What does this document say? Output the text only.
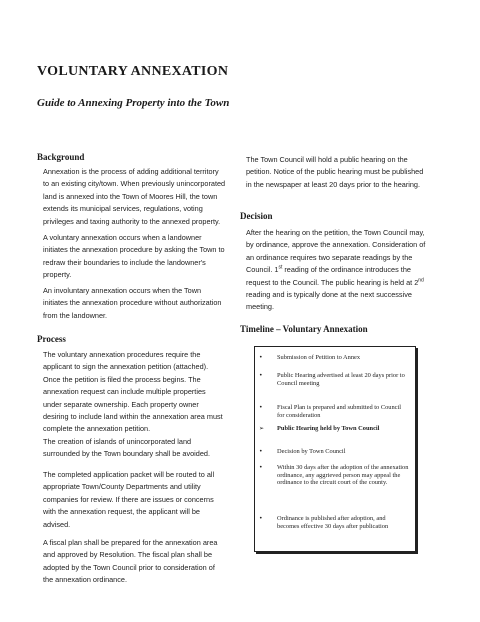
VOLUNTARY ANNEXATION
Guide to Annexing Property into the Town
Background

Annexation is the process of adding additional territory to an existing city/town. When previously unincorporated land is annexed into the Town of Moores Hill, the town extends its municipal services, regulations, voting privileges and taxing authority to the annexed property.

A voluntary annexation occurs when a landowner initiates the annexation procedure by asking the Town to redraw their boundaries to include the landowner's property.

An involuntary annexation occurs when the Town initiates the annexation procedure without authorization from the landowner.

Process

The voluntary annexation procedures require the applicant to sign the annexation petition (attached). Once the petition is filed the process begins. The annexation request can include multiple properties under separate ownership. Each property owner desiring to include land within the annexation area must complete the annexation petition.

The creation of islands of unincorporated land surrounded by the Town boundary shall be avoided.

The completed application packet will be routed to all appropriate Town/County Departments and utility companies for review. If there are issues or concerns with the annexation request, the applicant will be advised.

A fiscal plan shall be prepared for the annexation area and approved by Resolution. The fiscal plan shall be adopted by the Town Council prior to consideration of the annexation ordinance.

The Town Council will hold a public hearing on the petition. Notice of the public hearing must be published in the newspaper at least 20 days prior to the hearing.

Decision

After the hearing on the petition, the Town Council may, by ordinance, approve the annexation. Consideration of an ordinance requires two separate readings by the Council. 1st reading of the ordinance introduces the request to the Council. The public hearing is held at 2nd reading and is typically done at the next successive meeting.

Timeline – Voluntary Annexation
•	Submission of Petition to Annex
•	Public Hearing advertised at least 20 days prior to Council meeting
•	Fiscal Plan is prepared and submitted to Council for consideration
➢	Public Hearing held by Town Council
•	Decision by Town Council
•	Within 30 days after the adoption of the annexation ordinance, any aggrieved person may appeal the ordinance to the circuit court of the county.
•	Ordinance is published after adoption, and becomes effective 30 days after publication
